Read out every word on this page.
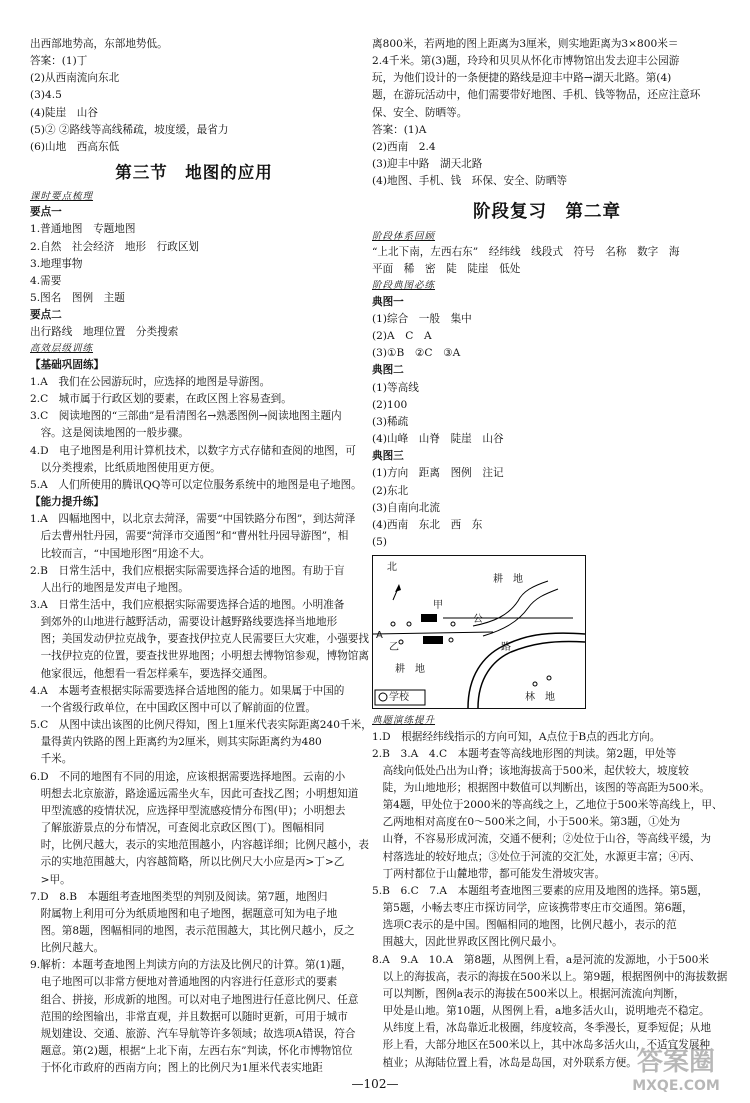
出西部地势高，东部地势低。
答案：(1)丁
(2)从西南流向东北
(3)4.5
(4)陡崖　山谷
(5)② ②路线等高线稀疏，坡度缓，最省力
(6)山地　西高东低
第三节　地图的应用
课时要点梳理
要点一
1.普通地图　专题地图
2.自然　社会经济　地形　行政区划
3.地理事物
4.需要
5.图名　图例　主题
要点二
出行路线　地理位置　分类搜索
高效层级训练
【基础巩固练】
1.A　我们在公园游玩时，应选择的地图是导游图。
2.C　城市属于行政区划的要素，在政区图上容易查到。
3.C　阅读地图的“三部曲”是看清图名→熟悉图例→阅读地图主题内
　容。这是阅读地图的一般步骤。
4.D　电子地图是利用计算机技术，以数字方式存储和查阅的地图，可
　以分类搜索，比纸质地图使用更方便。
5.A　人们所使用的腾讯QQ等可以定位服务系统中的地图是电子地图。
【能力提升练】
1.A　四幅地图中，以北京去菏泽，需要“中国铁路分布图”，到达菏泽
　后去曹州牡丹园，需要“菏泽市交通图”和“曹州牡丹园导游图”，相
　比较而言，“中国地形图”用途不大。
2.B　日常生活中，我们应根据实际需要选择合适的地图。有助于盲
　人出行的地图是发声电子地图。
3.A　日常生活中，我们应根据实际需要选择合适的地图。小明准备
　到郊外的山地进行越野活动，需要设计越野路线要选择当地地形
　图；美国发动伊拉克战争，要查找伊拉克人民需要巨大灾难，小强要找
　一找伊拉克的位置，要查找世界地图；小明想去博物馆参观，博物馆离
　他家很远，他想看一看怎样乘车，要选择交通图。
4.A　本题考查根据实际需要选择合适地图的能力。如果属于中国的
　一个省级行政单位，在中国政区图中可以了解前面的位置。
5.C　从图中读出该图的比例尺得知，图上1厘米代表实际距离240千米，
　量得黄内铁路的图上距离约为2厘米，则其实际距离约为480
　千米。
6.D　不同的地图有不同的用途，应该根据需要选择地图。云南的小
　明想去北京旅游，路途遥远需坐火车，因此可查找乙图；小明想知道
　甲型流感的疫情状况，应选择甲型流感疫情分布图(甲)；小明想去
　了解旅游景点的分布情况，可查阅北京政区图(丁)。图幅相同
　时，比例尺越大，表示的实地范围越小，内容越详细；比例尺越小，表
　示的实地范围越大，内容越简略，所以比例尺大小应是丙>丁>乙
　>甲。
7.D　8.B　本题组考查地图类型的判别及阅读。第7题，地图归
　附属物上利用可分为纸质地图和电子地图，据题意可知为电子地
　图。第8题，图幅相同的地图，表示范围越大，其比例尺越小，反之
　比例尺越大。
9.解析：本题考查地图上判读方向的方法及比例尺的计算。第(1)题，
　电子地图可以非常方便地对普通地图的内容进行任意形式的要素
　组合、拼接，形成新的地图。可以对电子地图进行任意比例尺、任意
　范围的绘图输出，非常直观，并且数据可以随时更新，可用于城市
　规划建设、交通、旅游、汽车导航等许多领域；故选项A错误，符合
　题意。第(2)题，根据“上北下南，左西右东”判读，怀化市博物馆位
　于怀化市政府的西南方向；图上的比例尺为1厘米代表实地距
离800米，若两地的图上距离为3厘米，则实地距离为3×800米＝
2.4千米。第(3)题，玲玲和贝贝从怀化市博物馆出发去迎丰公园游
玩，为他们设计的一条便捷的路线是迎丰中路→湖天北路。第(4)
题，在游玩活动中，他们需要带好地图、手机、钱等物品，还应注意环
保、安全、防晒等。
答案：(1)A
(2)西南　2.4
(3)迎丰中路　湖天北路
(4)地图、手机、钱　环保、安全、防晒等
阶段复习　第二章
阶段体系回顾
“上北下南，左西右东”　经纬线　线段式　符号　名称　数字　海
平面　稀　密　陡　陡崖　低处
阶段典图必练
典图一
(1)综合　一般　集中
(2)A　C　A
(3)①B　②C　③A
典图二
(1)等高线
(2)100
(3)稀疏
(4)山峰　山脊　陡崖　山谷
典图三
(1)方向　距离　图例　注记
(2)东北
(3)自南向北流
(4)西南　东北　西　东
(5)
北
耕　地
甲
公
A
乙	路
耕　地
林　地
学校
典题演练提升
1.D　根据经纬线指示的方向可知，A点位于B点的西北方向。
2.B　3.A　4.C　本题考查等高线地形图的判读。第2题，甲处等
　高线向低处凸出为山脊；该地海拔高于500米，起伏较大，坡度较
　陡，为山地地形；根据图中数值可以判断出，该图的等高距为500米。
　第4题，甲处位于2000米的等高线之上，乙地位于500米等高线上，甲、
　乙两地相对高度在0～500米之间，小于500米。第3题，①处为
　山脊，不容易形成河流，交通不便利；②处位于山谷，等高线平缓，为
　村落选址的较好地点；③处位于河流的交汇处，水源更丰富；④丙、
　丁两村都位于山麓地带，都可能发生滑坡灾害。
5.B　6.C　7.A　本题组考查地图三要素的应用及地图的选择。第5题，
　第5题，小畅去枣庄市探访同学，应该携带枣庄市交通图。第6题，
　选项C表示的是中国。图幅相同的地图，比例尺越小，表示的范
　围越大，因此世界政区图比例尺最小。
8.A　9.A　10.A　第8题，从图例上看，a是河流的发源地，小于500米
　以上的海拔高，表示的海拔在500米以上。第9题，根据图例中的海拔数据
　可以判断，图例a表示的海拔在500米以上。根据河流流向判断，
　甲处是山地。第10题，从图例上看，a地多活火山，说明地壳不稳定。
　从纬度上看，冰岛靠近北极圈，纬度较高，冬季漫长，夏季短促；从地
　形上看，大部分地区在500米以上，其中冰岛多活火山，不适宜发展种
　植业；从海陆位置上看，冰岛是岛国，对外联系方便。
—102—
答案圈
MXQE.COM
